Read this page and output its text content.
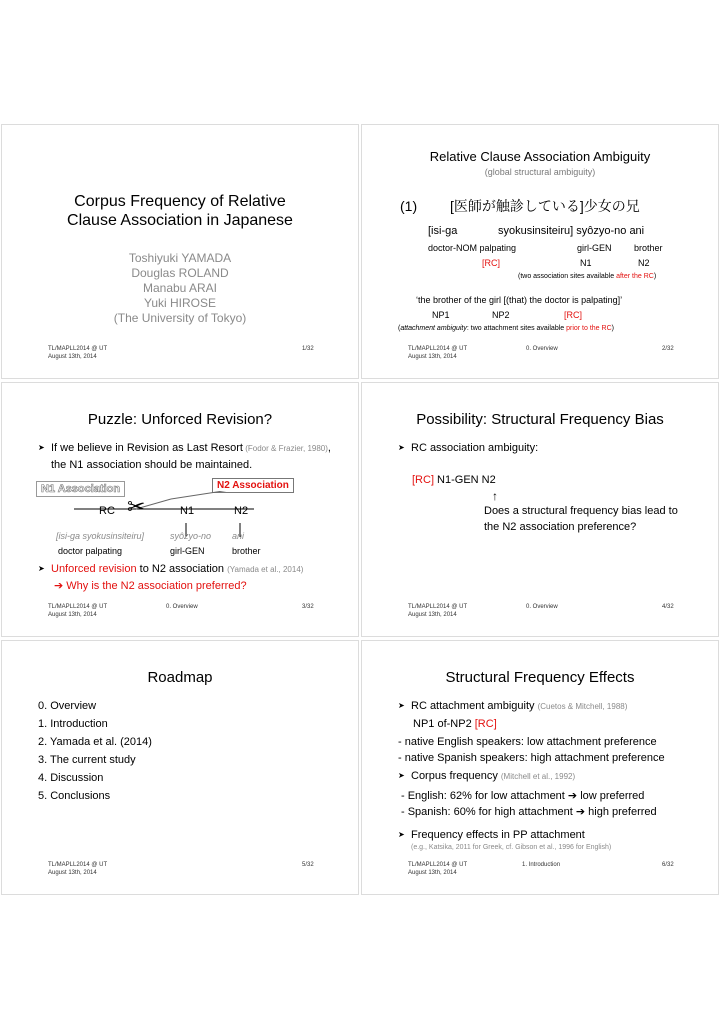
Corpus Frequency of Relative
Clause Association in Japanese
Toshiyuki YAMADA
Douglas ROLAND
Manabu ARAI
Yuki HIROSE
(The University of Tokyo)
TL/MAPLL2014 @ UT
August 13th, 2014
1/32
Relative Clause Association Ambiguity
(global structural ambiguity)
(1) [医師が触診している]少女の兄
[isi-ga	syokusinsiteiru] syôzyo-no ani
doctor-NOM palpating	girl-GEN brother
[RC]	N1	N2
(two association sites available after the RC)
‘the brother of the girl [(that) the doctor is palpating]’
NP1	NP2	[RC]
(attachment ambiguity: two attachment sites available prior to the RC)
TL/MAPLL2014 @ UT
August 13th, 2014
0. Overview	2/32
Puzzle: Unforced Revision?
➤ If we believe in Revision as Last Resort (Fodor & Frazier, 1980),
the N1 association should be maintained.
N1 Association	N2 Association
✂
RC	N1	N2
[isi-ga syokusinsiteiru]	syôzyo-no ani
doctor palpating	girl-GEN	brother
➤ Unforced revision to N2 association (Yamada et al., 2014)
➔ Why is the N2 association preferred?
TL/MAPLL2014 @ UT
August 13th, 2014
0. Overview	3/32
Possibility: Structural Frequency Bias
➤ RC association ambiguity:
[RC] N1-GEN N2
↑
Does a structural frequency bias lead to
the N2 association preference?
TL/MAPLL2014 @ UT
August 13th, 2014
0. Overview	4/32
Roadmap
0. Overview
1. Introduction
2. Yamada et al. (2014)
3. The current study
4. Discussion
5. Conclusions
TL/MAPLL2014 @ UT
August 13th, 2014
5/32
Structural Frequency Effects
➤ RC attachment ambiguity (Cuetos & Mitchell, 1988)
NP1 of-NP2 [RC]
- native English speakers: low attachment preference
- native Spanish speakers: high attachment preference
➤ Corpus frequency (Mitchell et al., 1992)
- English: 62% for low attachment ➔ low preferred
- Spanish: 60% for high attachment ➔ high preferred
➤ Frequency effects in PP attachment
(e.g., Katsika, 2011 for Greek, cf. Gibson et al., 1996 for English)
TL/MAPLL2014 @ UT
August 13th, 2014
1. Introduction	6/32
